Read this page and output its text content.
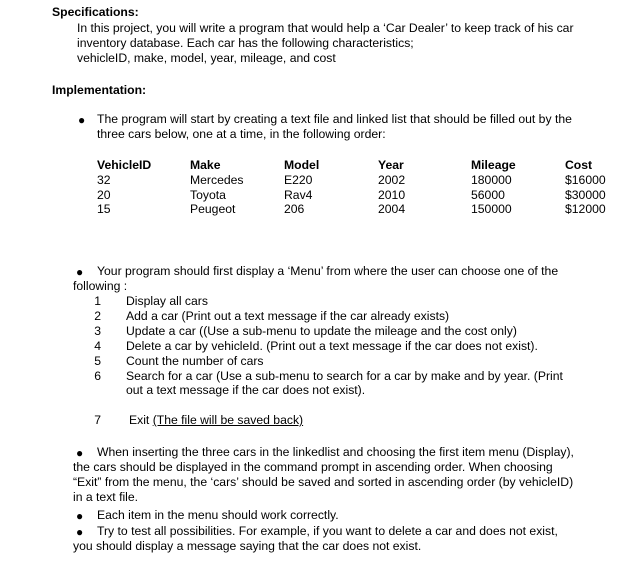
Specifications:
In this project, you will write a program that would help a ‘Car Dealer’ to keep track of his car
inventory database. Each car has the following characteristics;
vehicleID, make, model, year, mileage, and cost
Implementation:
● The program will start by creating a text file and linked list that should be filled out by the
three cars below, one at a time, in the following order:
VehicleID	Make	Model	Year	Mileage	Cost
32	Mercedes	E220	2002	180000	$16000
20	Toyota	Rav4	2010	56000	$30000
15	Peugeot	206	2004	150000	$12000
● Your program should first display a ‘Menu’ from where the user can choose one of the
following :
1 Display all cars
2 Add a car (Print out a text message if the car already exists)
3 Update a car ((Use a sub-menu to update the mileage and the cost only)
4 Delete a car by vehicleId. (Print out a text message if the car does not exist).
5 Count the number of cars
6 Search for a car (Use a sub-menu to search for a car by make and by year. (Print
out a text message if the car does not exist).
7 Exit (The file will be saved back)
● When inserting the three cars in the linkedlist and choosing the first item menu (Display),
the cars should be displayed in the command prompt in ascending order. When choosing
“Exit” from the menu, the ‘cars’ should be saved and sorted in ascending order (by vehicleID)
in a text file.
● Each item in the menu should work correctly.
● Try to test all possibilities. For example, if you want to delete a car and does not exist,
you should display a message saying that the car does not exist.
